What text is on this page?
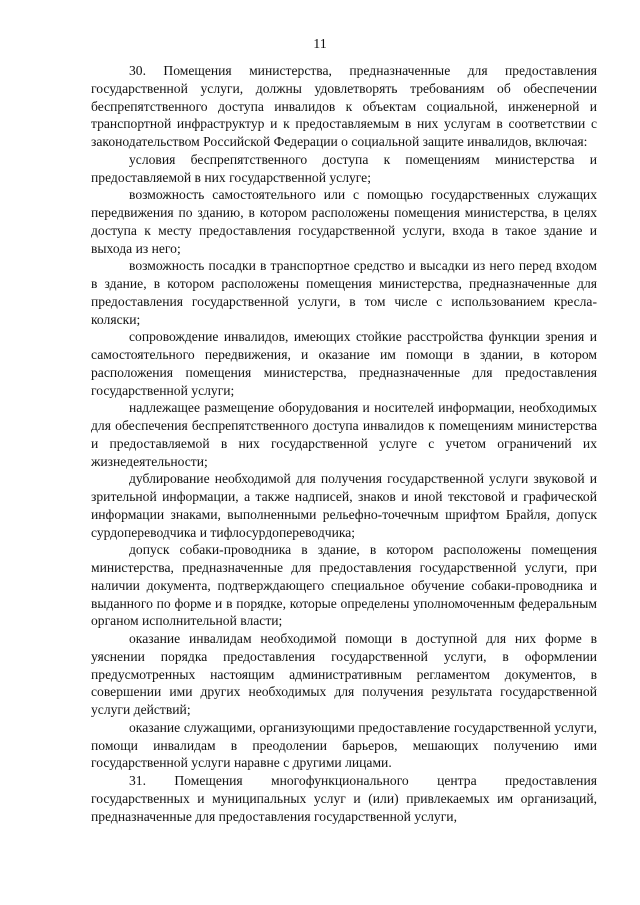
11

30. Помещения министерства, предназначенные для предоставления государственной услуги, должны удовлетворять требованиям об обеспечении беспрепятственного доступа инвалидов к объектам социальной, инженерной и транспортной инфраструктур и к предоставляемым в них услугам в соответствии с законодательством Российской Федерации о социальной защите инвалидов, включая:

условия беспрепятственного доступа к помещениям министерства и предоставляемой в них государственной услуге;

возможность самостоятельного или с помощью государственных служащих передвижения по зданию, в котором расположены помещения министерства, в целях доступа к месту предоставления государственной услуги, входа в такое здание и выхода из него;

возможность посадки в транспортное средство и высадки из него перед входом в здание, в котором расположены помещения министерства, предназначенные для предоставления государственной услуги, в том числе с использованием кресла-коляски;

сопровождение инвалидов, имеющих стойкие расстройства функции зрения и самостоятельного передвижения, и оказание им помощи в здании, в котором расположения помещения министерства, предназначенные для предоставления государственной услуги;

надлежащее размещение оборудования и носителей информации, необходимых для обеспечения беспрепятственного доступа инвалидов к помещениям министерства и предоставляемой в них государственной услуге с учетом ограничений их жизнедеятельности;

дублирование необходимой для получения государственной услуги звуковой и зрительной информации, а также надписей, знаков и иной текстовой и графической информации знаками, выполненными рельефно-точечным шрифтом Брайля, допуск сурдопереводчика и тифлосурдопереводчика;

допуск собаки-проводника в здание, в котором расположены помещения министерства, предназначенные для предоставления государственной услуги, при наличии документа, подтверждающего специальное обучение собаки-проводника и выданного по форме и в порядке, которые определены уполномоченным федеральным органом исполнительной власти;

оказание инвалидам необходимой помощи в доступной для них форме в уяснении порядка предоставления государственной услуги, в оформлении предусмотренных настоящим административным регламентом документов, в совершении ими других необходимых для получения результата государственной услуги действий;

оказание служащими, организующими предоставление государственной услуги, помощи инвалидам в преодолении барьеров, мешающих получению ими государственной услуги наравне с другими лицами.

31. Помещения многофункционального центра предоставления государственных и муниципальных услуг и (или) привлекаемых им организаций, предназначенные для предоставления государственной услуги,
